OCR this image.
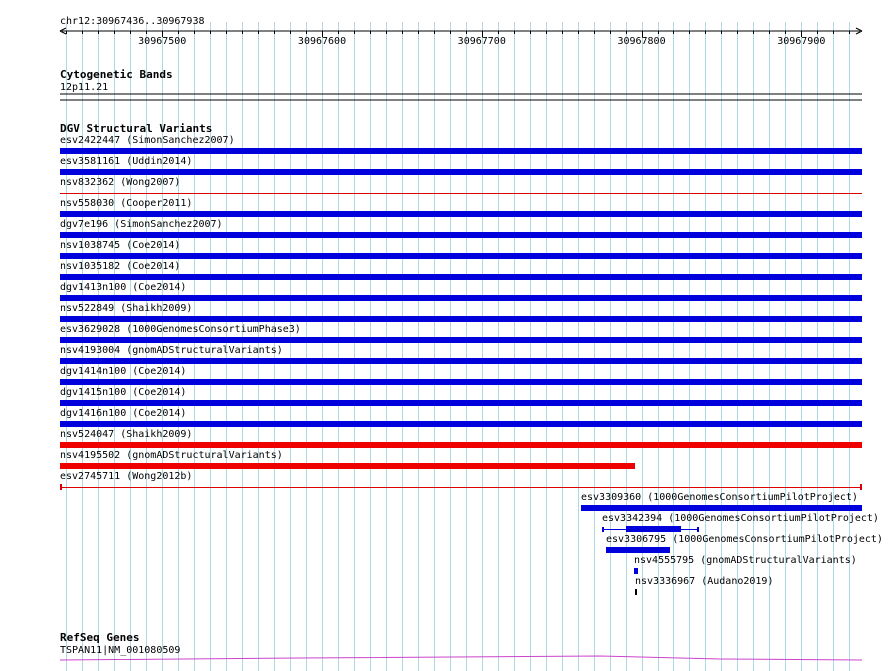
chr12:30967436..30967938
30967500	30967600	30967700	30967800	30967900
Cytogenetic Bands
12p11.21
DGV Structural Variants
esv2422447 (SimonSanchez2007)
esv3581161 (Uddin2014)
nsv832362 (Wong2007)
nsv558030 (Cooper2011)
dgv7e196 (SimonSanchez2007)
nsv1038745 (Coe2014)
nsv1035182 (Coe2014)
dgv1413n100 (Coe2014)
nsv522849 (Shaikh2009)
esv3629028 (1000GenomesConsortiumPhase3)
nsv4193004 (gnomADStructuralVariants)
dgv1414n100 (Coe2014)
dgv1415n100 (Coe2014)
dgv1416n100 (Coe2014)
nsv524047 (Shaikh2009)
nsv4195502 (gnomADStructuralVariants)
esv2745711 (Wong2012b)
esv3309360 (1000GenomesConsortiumPilotProject)
esv3342394 (1000GenomesConsortiumPilotProject)
esv3306795 (1000GenomesConsortiumPilotProject)
nsv4555795 (gnomADStructuralVariants)
nsv3336967 (Audano2019)
RefSeq Genes
TSPAN11|NM_001080509
